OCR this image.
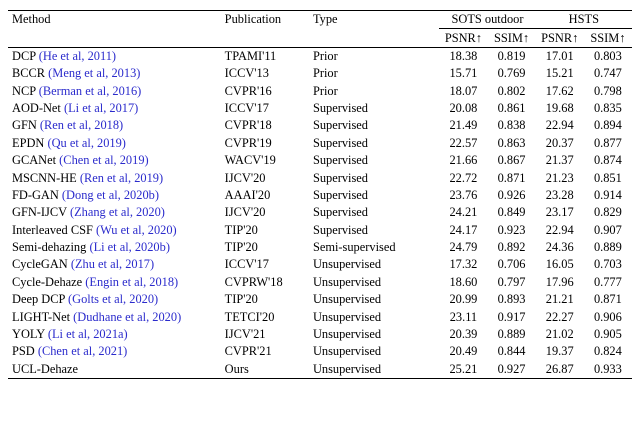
Method	Publication	Type	SOTS outdoor		HSTS	
			PSNR↑	SSIM↑	PSNR↑	SSIM↑
DCP (He et al, 2011)	TPAMI'11	Prior	18.38	0.819	17.01	0.803
BCCR (Meng et al, 2013)	ICCV'13	Prior	15.71	0.769	15.21	0.747
NCP (Berman et al, 2016)	CVPR'16	Prior	18.07	0.802	17.62	0.798
AOD-Net (Li et al, 2017)	ICCV'17	Supervised	20.08	0.861	19.68	0.835
GFN (Ren et al, 2018)	CVPR'18	Supervised	21.49	0.838	22.94	0.894
EPDN (Qu et al, 2019)	CVPR'19	Supervised	22.57	0.863	20.37	0.877
GCANet (Chen et al, 2019)	WACV'19	Supervised	21.66	0.867	21.37	0.874
MSCNN-HE (Ren et al, 2019)	IJCV'20	Supervised	22.72	0.871	21.23	0.851
FD-GAN (Dong et al, 2020b)	AAAI'20	Supervised	23.76	0.926	23.28	0.914
GFN-IJCV (Zhang et al, 2020)	IJCV'20	Supervised	24.21	0.849	23.17	0.829
Interleaved CSF (Wu et al, 2020)	TIP'20	Supervised	24.17	0.923	22.94	0.907
Semi-dehazing (Li et al, 2020b)	TIP'20	Semi-supervised	24.79	0.892	24.36	0.889
CycleGAN (Zhu et al, 2017)	ICCV'17	Unsupervised	17.32	0.706	16.05	0.703
Cycle-Dehaze (Engin et al, 2018)	CVPRW'18	Unsupervised	18.60	0.797	17.96	0.777
Deep DCP (Golts et al, 2020)	TIP'20	Unsupervised	20.99	0.893	21.21	0.871
LIGHT-Net (Dudhane et al, 2020)	TETCI'20	Unsupervised	23.11	0.917	22.27	0.906
YOLY (Li et al, 2021a)	IJCV'21	Unsupervised	20.39	0.889	21.02	0.905
PSD (Chen et al, 2021)	CVPR'21	Unsupervised	20.49	0.844	19.37	0.824
UCL-Dehaze	Ours	Unsupervised	25.21	0.927	26.87	0.933
